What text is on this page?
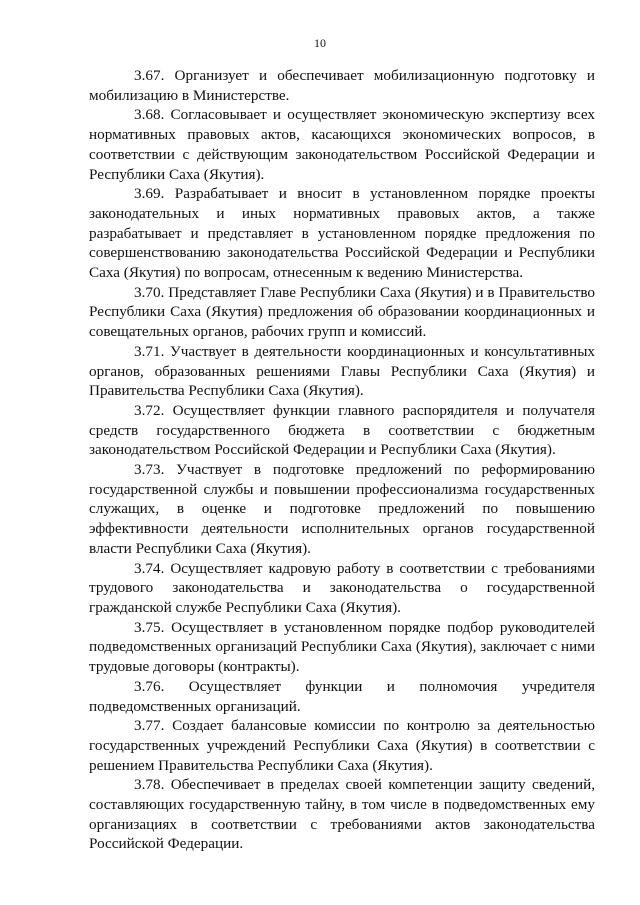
10

3.67. Организует и обеспечивает мобилизационную подготовку и мобилизацию в Министерстве.

3.68. Согласовывает и осуществляет экономическую экспертизу всех нормативных правовых актов, касающихся экономических вопросов, в соответствии с действующим законодательством Российской Федерации и Республики Саха (Якутия).

3.69. Разрабатывает и вносит в установленном порядке проекты законодательных и иных нормативных правовых актов, а также разрабатывает и представляет в установленном порядке предложения по совершенствованию законодательства Российской Федерации и Республики Саха (Якутия) по вопросам, отнесенным к ведению Министерства.

3.70. Представляет Главе Республики Саха (Якутия) и в Правительство Республики Саха (Якутия) предложения об образовании координационных и совещательных органов, рабочих групп и комиссий.

3.71. Участвует в деятельности координационных и консультативных органов, образованных решениями Главы Республики Саха (Якутия) и Правительства Республики Саха (Якутия).

3.72. Осуществляет функции главного распорядителя и получателя средств государственного бюджета в соответствии с бюджетным законодательством Российской Федерации и Республики Саха (Якутия).

3.73. Участвует в подготовке предложений по реформированию государственной службы и повышении профессионализма государственных служащих, в оценке и подготовке предложений по повышению эффективности деятельности исполнительных органов государственной власти Республики Саха (Якутия).

3.74. Осуществляет кадровую работу в соответствии с требованиями трудового законодательства и законодательства о государственной гражданской службе Республики Саха (Якутия).

3.75. Осуществляет в установленном порядке подбор руководителей подведомственных организаций Республики Саха (Якутия), заключает с ними трудовые договоры (контракты).

3.76. Осуществляет функции и полномочия учредителя подведомственных организаций.

3.77. Создает балансовые комиссии по контролю за деятельностью государственных учреждений Республики Саха (Якутия) в соответствии с решением Правительства Республики Саха (Якутия).

3.78. Обеспечивает в пределах своей компетенции защиту сведений, составляющих государственную тайну, в том числе в подведомственных ему организациях в соответствии с требованиями актов законодательства Российской Федерации.
